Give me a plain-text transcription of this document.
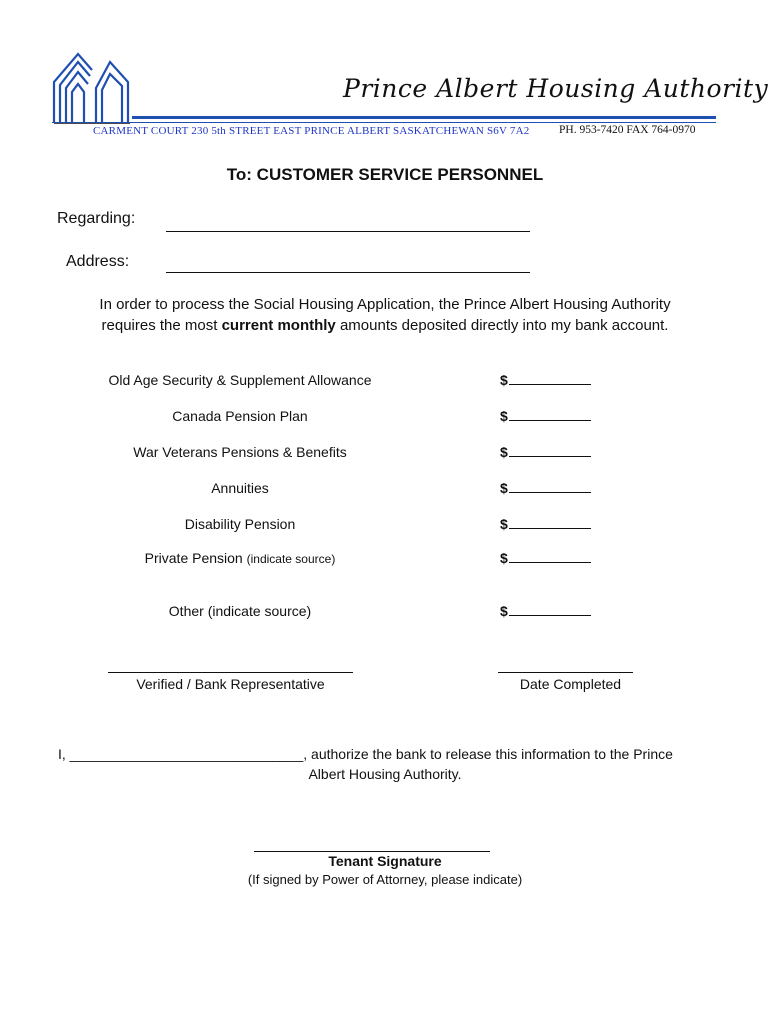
Prince Albert Housing Authority
CARMENT COURT 230 5th STREET EAST PRINCE ALBERT SASKATCHEWAN S6V 7A2	PH. 953-7420 FAX 764-0970
To: CUSTOMER SERVICE PERSONNEL
Regarding:
Address:
In order to process the Social Housing Application, the Prince Albert Housing Authority
requires the most current monthly amounts deposited directly into my bank account.
Old Age Security & Supplement Allowance	$
Canada Pension Plan	$
War Veterans Pensions & Benefits	$
Annuities	$
Disability Pension	$
Private Pension (indicate source)	$
Other (indicate source)	$
Verified / Bank Representative	Date Completed
I, ______________________________, authorize the bank to release this information to the Prince
Albert Housing Authority.
Tenant Signature
(If signed by Power of Attorney, please indicate)
